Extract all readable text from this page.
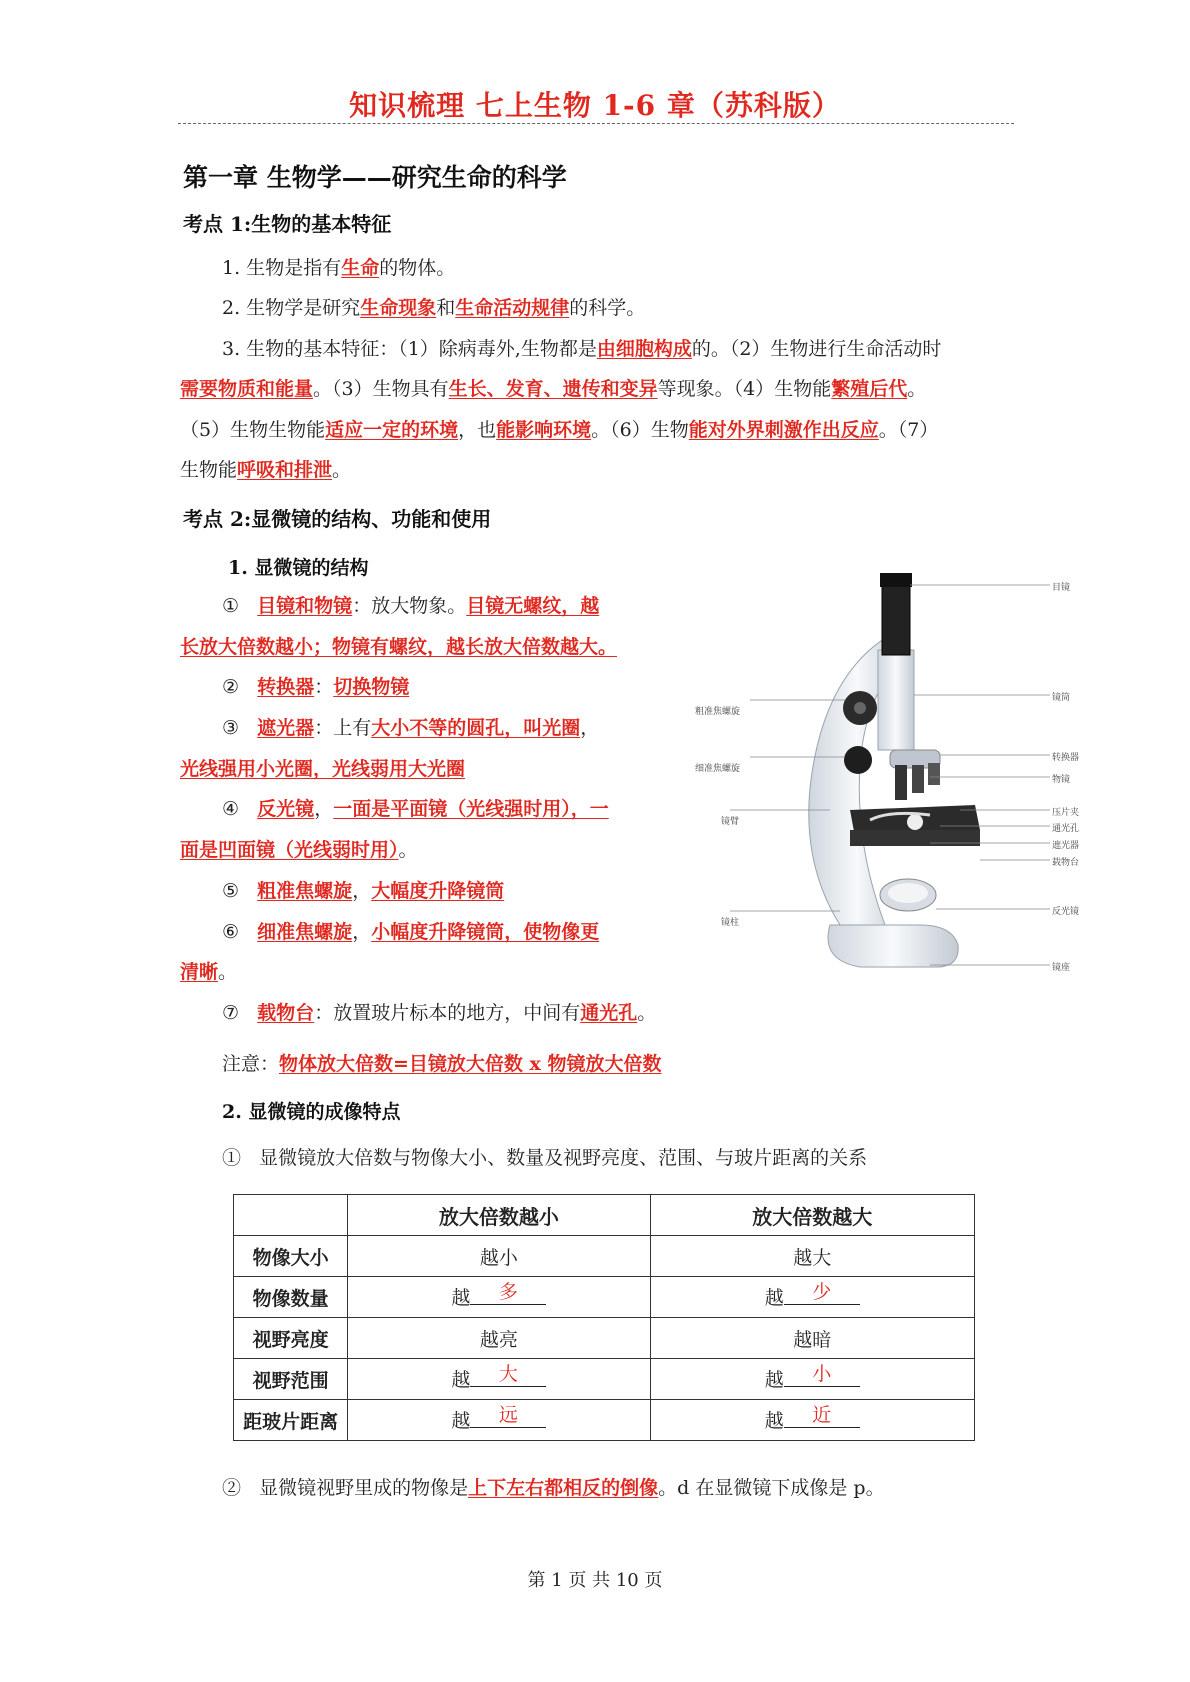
知识梳理 七上生物 1-6 章（苏科版）
第一章 生物学——研究生命的科学
考点 1:生物的基本特征
1. 生物是指有生命的物体。
2. 生物学是研究生命现象和生命活动规律的科学。
3. 生物的基本特征：（1）除病毒外,生物都是由细胞构成的。（2）生物进行生命活动时
需要物质和能量。（3）生物具有生长、发育、遗传和变异等现象。（4）生物能繁殖后代。
（5）生物生物能适应一定的环境，也能影响环境。（6）生物能对外界刺激作出反应。（7）
生物能呼吸和排泄。
考点 2:显微镜的结构、功能和使用
1. 显微镜的结构
① 目镜和物镜：放大物象。目镜无螺纹，越
长放大倍数越小；物镜有螺纹，越长放大倍数越大。
② 转换器：切换物镜
③ 遮光器：上有大小不等的圆孔，叫光圈，
光线强用小光圈，光线弱用大光圈
④ 反光镜，一面是平面镜（光线强时用），一
面是凹面镜（光线弱时用）。
⑤ 粗准焦螺旋，大幅度升降镜筒
⑥ 细准焦螺旋，小幅度升降镜筒，使物像更
清晰。
⑦ 载物台：放置玻片标本的地方，中间有通光孔。
注意：物体放大倍数=目镜放大倍数 x 物镜放大倍数
粗准焦螺旋
细准焦螺旋
镜臂
镜柱
目镜
镜筒
转换器
物镜
压片夹
通光孔
遮光器
载物台
反光镜
镜座
2. 显微镜的成像特点
① 显微镜放大倍数与物像大小、数量及视野亮度、范围、与玻片距离的关系
	放大倍数越小	放大倍数越大
物像大小	越小	越大
物像数量	越 多	越 少
视野亮度	越亮	越暗
视野范围	越 大	越 小
距玻片距离	越 远	越 近
② 显微镜视野里成的物像是上下左右都相反的倒像。d 在显微镜下成像是 p。
第 1 页 共 10 页
